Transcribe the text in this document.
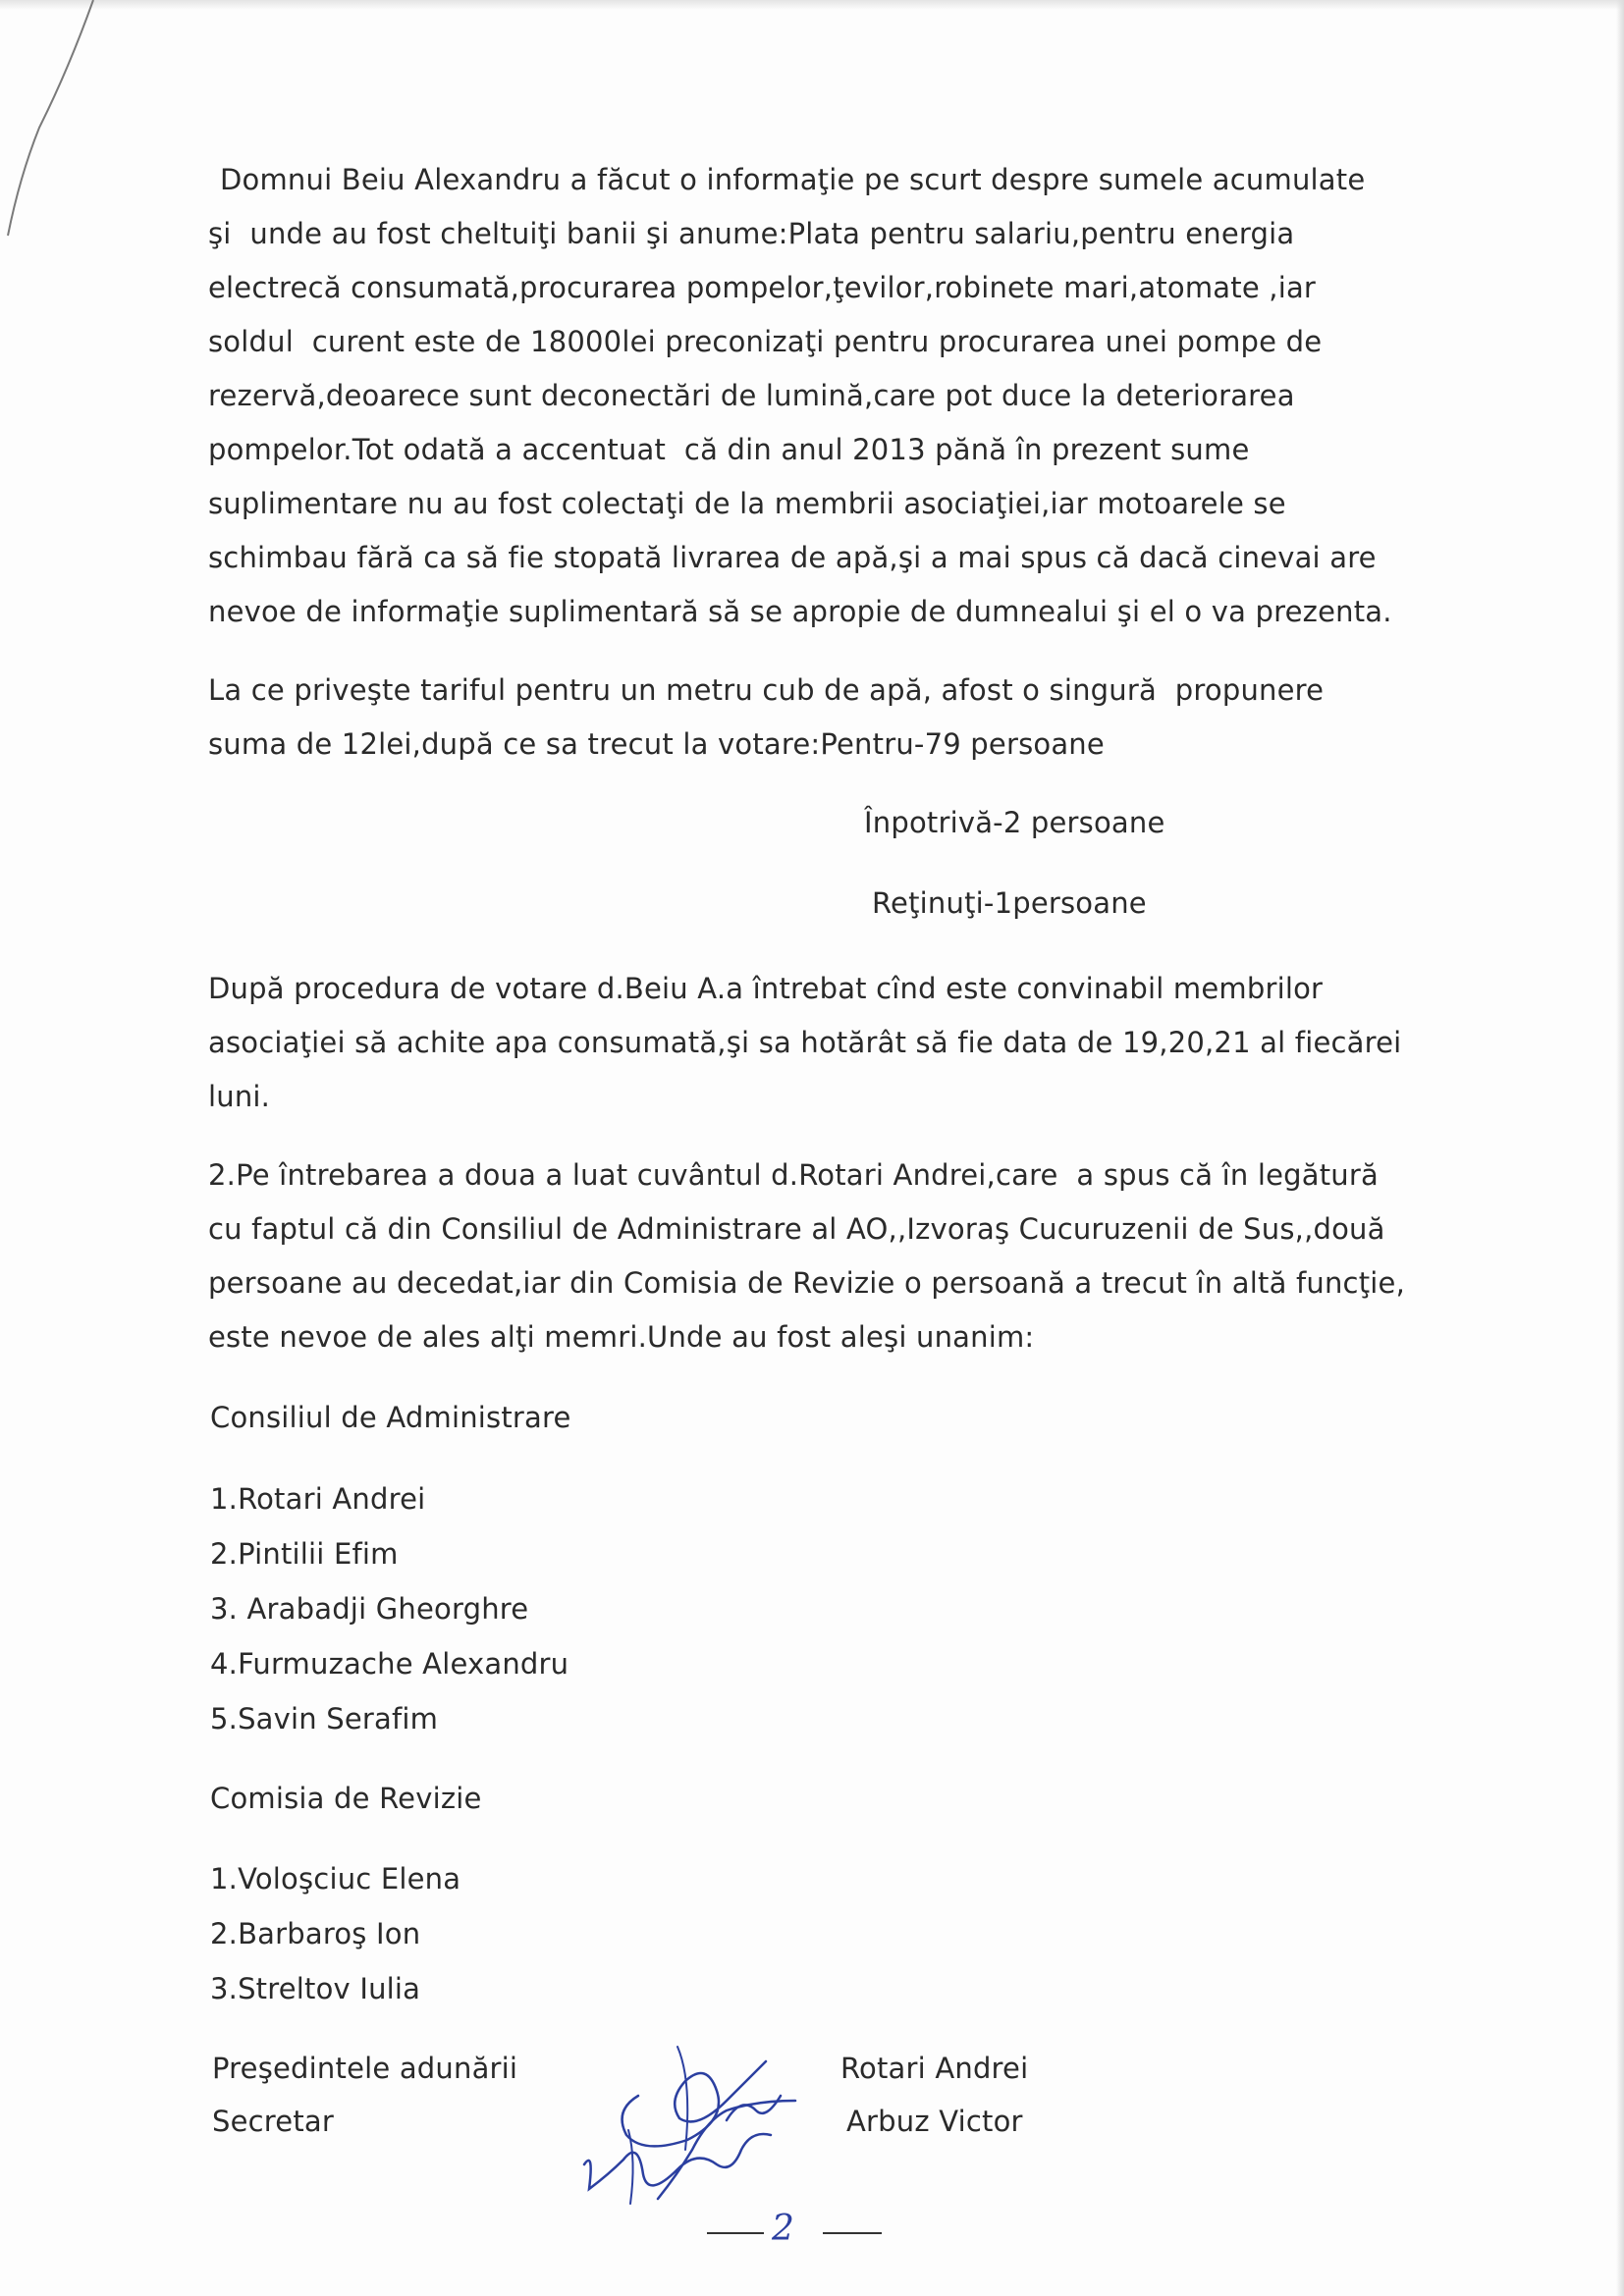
Domnui Beiu Alexandru a făcut o informaţie pe scurt despre sumele acumulate
şi  unde au fost cheltuiţi banii şi anume:Plata pentru salariu,pentru energia
electrecă consumată,procurarea pompelor,ţevilor,robinete mari,atomate ,iar
soldul  curent este de 18000lei preconizaţi pentru procurarea unei pompe de
rezervă,deoarece sunt deconectări de lumină,care pot duce la deteriorarea
pompelor.Tot odată a accentuat  că din anul 2013 pănă în prezent sume
suplimentare nu au fost colectaţi de la membrii asociaţiei,iar motoarele se
schimbau fără ca să fie stopată livrarea de apă,şi a mai spus că dacă cinevai are
nevoe de informaţie suplimentară să se apropie de dumnealui şi el o va prezenta.
La ce priveşte tariful pentru un metru cub de apă, afost o singură  propunere
suma de 12lei,după ce sa trecut la votare:Pentru-79 persoane
Înpotrivă-2 persoane
Reţinuţi-1persoane
După procedura de votare d.Beiu A.a întrebat cînd este convinabil membrilor
asociaţiei să achite apa consumată,şi sa hotărât să fie data de 19,20,21 al fiecărei
luni.
2.Pe întrebarea a doua a luat cuvântul d.Rotari Andrei,care  a spus că în legătură
cu faptul că din Consiliul de Administrare al AO,,Izvoraş Cucuruzenii de Sus,,două
persoane au decedat,iar din Comisia de Revizie o persoană a trecut în altă funcţie,
este nevoe de ales alţi memri.Unde au fost aleşi unanim:
Consiliul de Administrare
1.Rotari Andrei
2.Pintilii Efim
3. Arabadji Gheorghre
4.Furmuzache Alexandru
5.Savin Serafim
Comisia de Revizie
1.Voloşciuc Elena
2.Barbaroş Ion
3.Streltov Iulia
Preşedintele adunării	Rotari Andrei
Secretar	Arbuz Victor
2
